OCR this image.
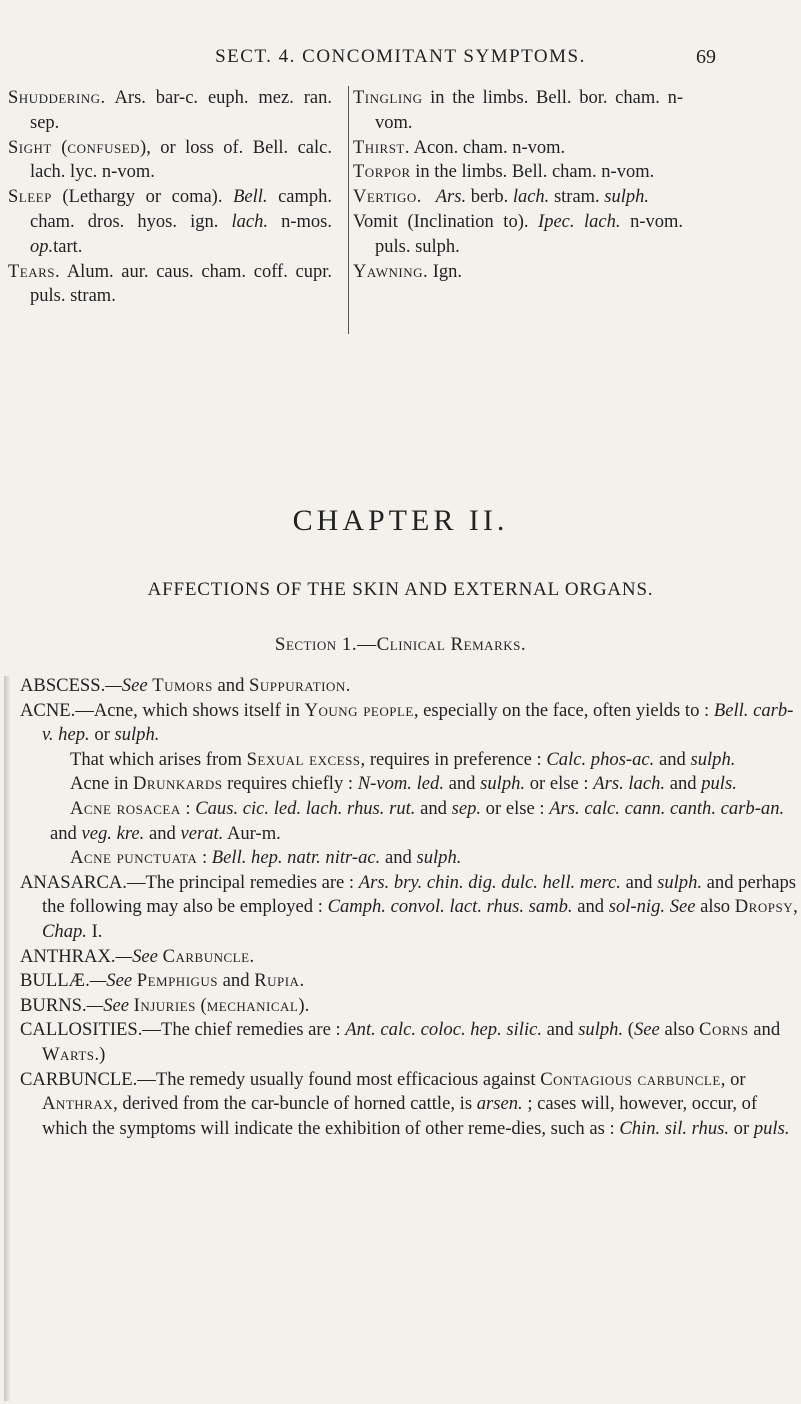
SECT. 4. CONCOMITANT SYMPTOMS.	69

Shuddering. Ars. bar-c. euph. mez. ran. sep.

Sight (confused), or loss of. Bell. calc. lach. lyc. n-vom.

Sleep (Lethargy or coma). Bell. camph. cham. dros. hyos. ign. lach. n-mos. op.tart.

Tears. Alum. aur. caus. cham. coff. cupr. puls. stram.

Tingling in the limbs. Bell. bor. cham. n-vom.

Thirst. Acon. cham. n-vom.

Torpor in the limbs. Bell. cham. n-vom.

Vertigo. Ars. berb. lach. stram. sulph.

Vomit (Inclination to). Ipec. lach. n-vom. puls. sulph.

Yawning. Ign.

CHAPTER II.
AFFECTIONS OF THE SKIN AND EXTERNAL ORGANS.
Section 1.—Clinical Remarks.

ABSCESS.—See Tumors and Suppuration.

ACNE.—Acne, which shows itself in Young people, especially on the face, often yields to : Bell. carb-v. hep. or sulph.

That which arises from Sexual excess, requires in preference : Calc. phos-ac. and sulph.

Acne in Drunkards requires chiefly : N-vom. led. and sulph. or else : Ars. lach. and puls.

Acne rosacea : Caus. cic. led. lach. rhus. rut. and sep. or else : Ars. calc. cann. canth. carb-an. and veg. kre. and verat. Aur-m.

Acne punctuata : Bell. hep. natr. nitr-ac. and sulph.

ANASARCA.—The principal remedies are : Ars. bry. chin. dig. dulc. hell. merc. and sulph. and perhaps the following may also be employed : Camph. convol. lact. rhus. samb. and sol-nig. See also Dropsy, Chap. I.

ANTHRAX.—See Carbuncle.

BULLÆ.—See Pemphigus and Rupia.

BURNS.—See Injuries (mechanical).

CALLOSITIES.—The chief remedies are : Ant. calc. coloc. hep. silic. and sulph. (See also Corns and Warts.)

CARBUNCLE.—The remedy usually found most efficacious against Contagious carbuncle, or Anthrax, derived from the car-buncle of horned cattle, is arsen. ; cases will, however, occur, of which the symptoms will indicate the exhibition of other reme-dies, such as : Chin. sil. rhus. or puls.
